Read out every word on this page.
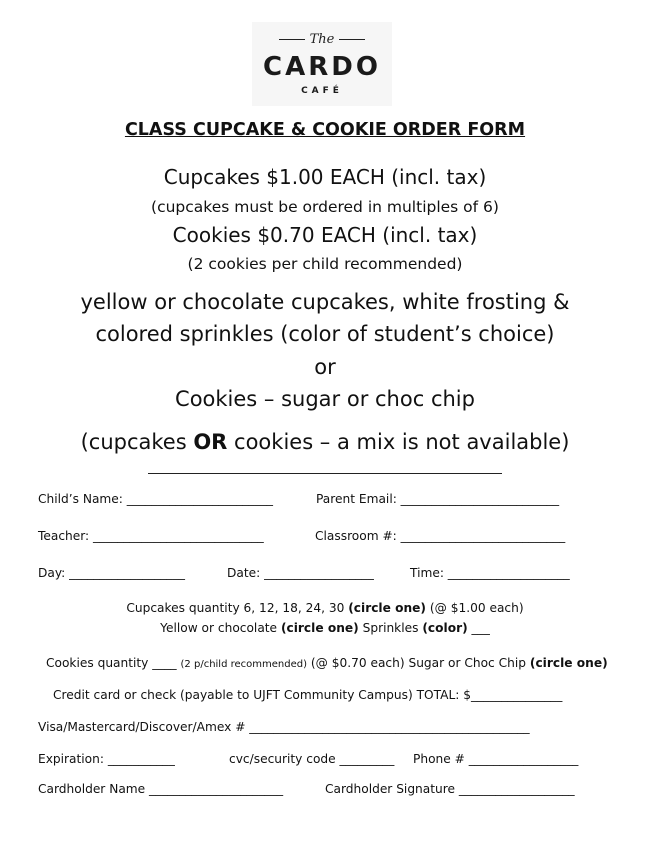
The
CARDO
CAFÉ
CLASS CUPCAKE & COOKIE ORDER FORM
Cupcakes $1.00 EACH (incl. tax)
(cupcakes must be ordered in multiples of 6)
Cookies $0.70 EACH (incl. tax)
(2 cookies per child recommended)
yellow or chocolate cupcakes, white frosting &
colored sprinkles (color of student’s choice)
or
Cookies – sugar or choc chip
(cupcakes OR cookies – a mix is not available)
Child’s Name: ________________________	Parent Email: __________________________
Teacher: ____________________________	Classroom #: ___________________________
Day: ___________________	Date: __________________	Time: ____________________
Cupcakes quantity 6, 12, 18, 24, 30 (circle one) (@ $1.00 each)
Yellow or chocolate (circle one) Sprinkles (color) ___
Cookies quantity ____ (2 p/child recommended) (@ $0.70 each) Sugar or Choc Chip (circle one)
Credit card or check (payable to UJFT Community Campus) TOTAL: $_______________
Visa/Mastercard/Discover/Amex # ______________________________________________
Expiration: ___________	cvc/security code _________ Phone # __________________
Cardholder Name ______________________	Cardholder Signature ___________________
